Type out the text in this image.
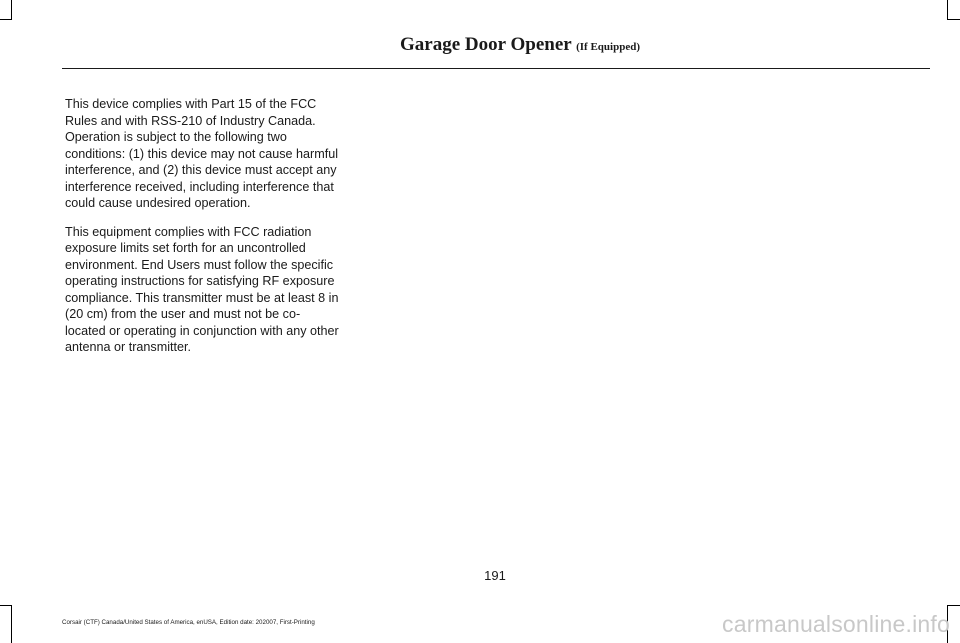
Garage Door Opener (If Equipped)

This device complies with Part 15 of the FCC Rules and with RSS-210 of Industry Canada. Operation is subject to the following two conditions: (1) this device may not cause harmful interference, and (2) this device must accept any interference received, including interference that could cause undesired operation.

This equipment complies with FCC radiation exposure limits set forth for an uncontrolled environment. End Users must follow the specific operating instructions for satisfying RF exposure compliance. This transmitter must be at least 8 in (20 cm) from the user and must not be co-located or operating in conjunction with any other antenna or transmitter.

191
Corsair (CTF) Canada/United States of America, enUSA, Edition date: 202007, First-Printing	carmanualsonline.info
